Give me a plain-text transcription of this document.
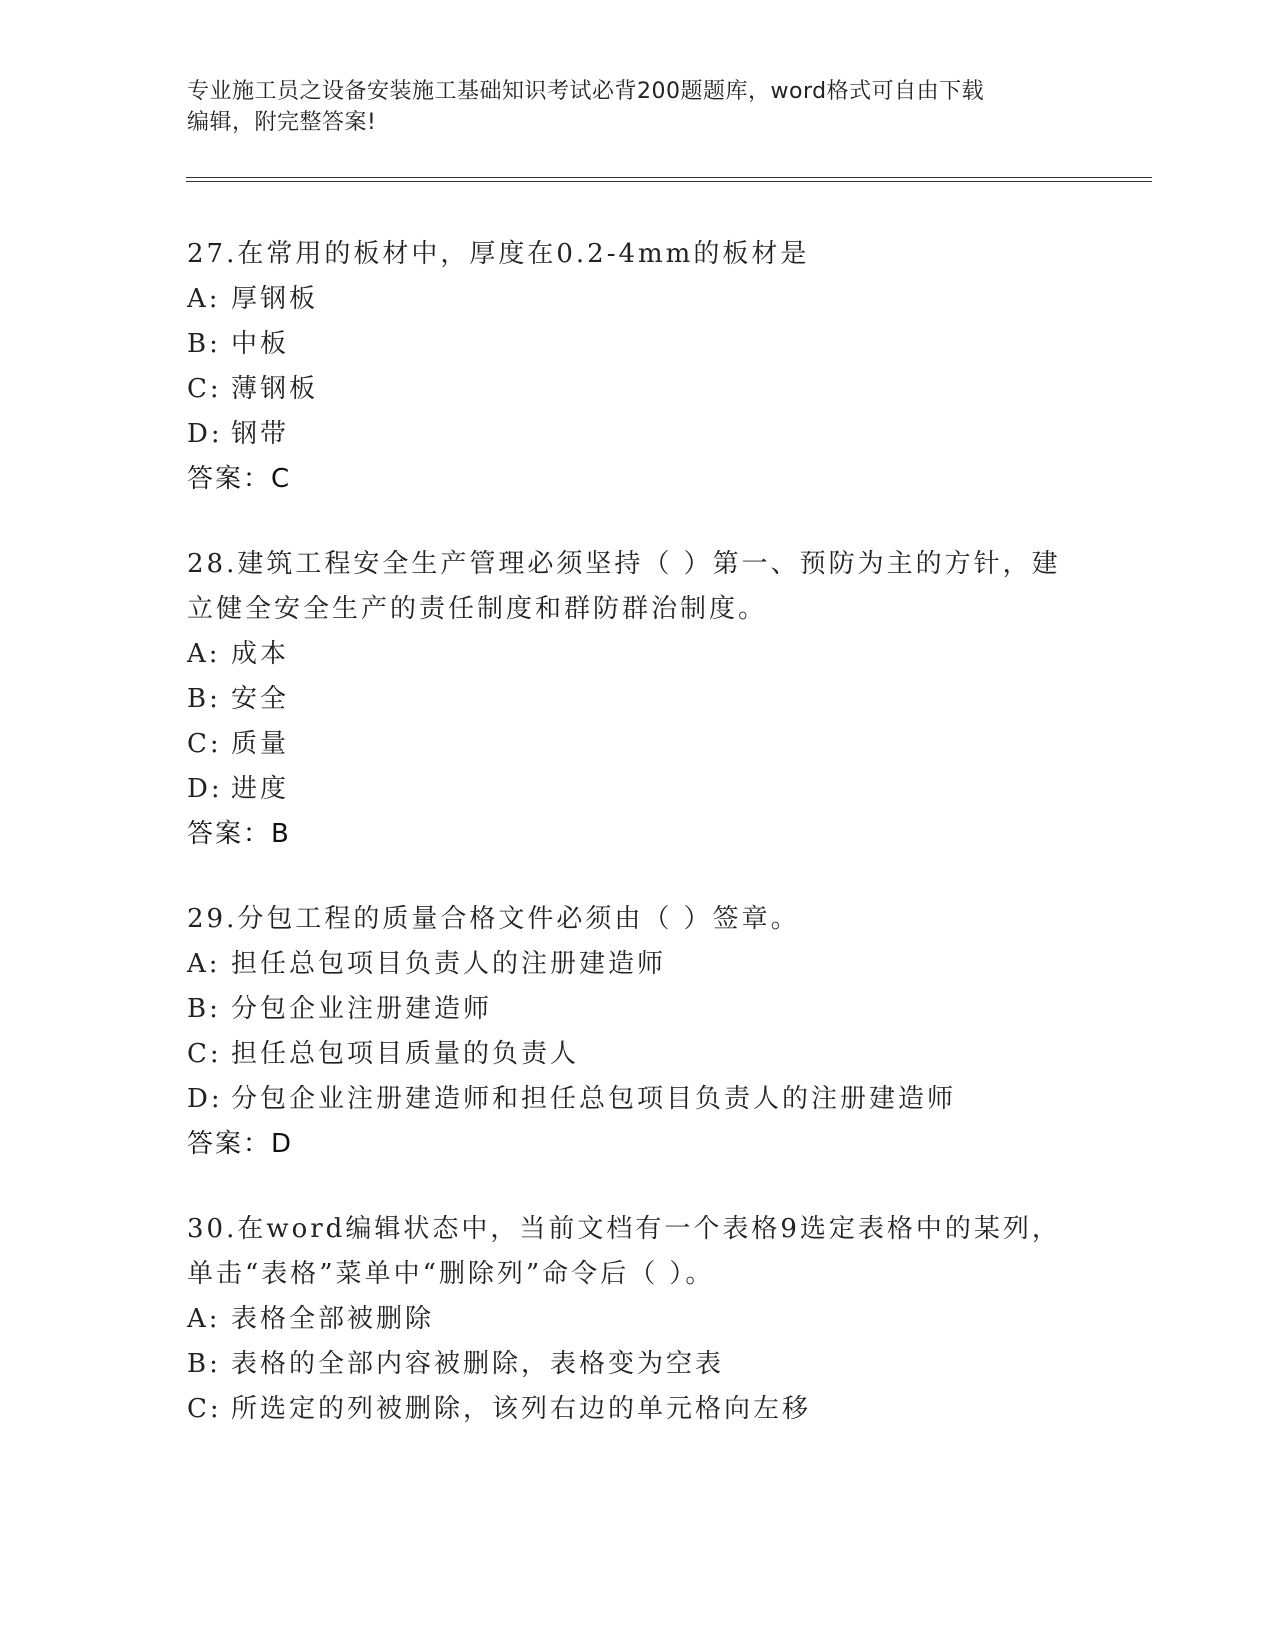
专业施工员之设备安装施工基础知识考试必背200题题库，word格式可自由下载
编辑，附完整答案!
27.在常用的板材中，厚度在0.2-4mm的板材是
A: 厚钢板
B: 中板
C: 薄钢板
D: 钢带
答案：C
28.建筑工程安全生产管理必须坚持（ ）第一、预防为主的方针，建立健全安全生产的责任制度和群防群治制度。
A: 成本
B: 安全
C: 质量
D: 进度
答案：B
29.分包工程的质量合格文件必须由（ ）签章。
A: 担任总包项目负责人的注册建造师
B: 分包企业注册建造师
C: 担任总包项目质量的负责人
D: 分包企业注册建造师和担任总包项目负责人的注册建造师
答案：D
30.在word编辑状态中，当前文档有一个表格9选定表格中的某列，单击“表格”菜单中“删除列”命令后（ ）。
A: 表格全部被删除
B: 表格的全部内容被删除，表格变为空表
C: 所选定的列被删除，该列右边的单元格向左移
